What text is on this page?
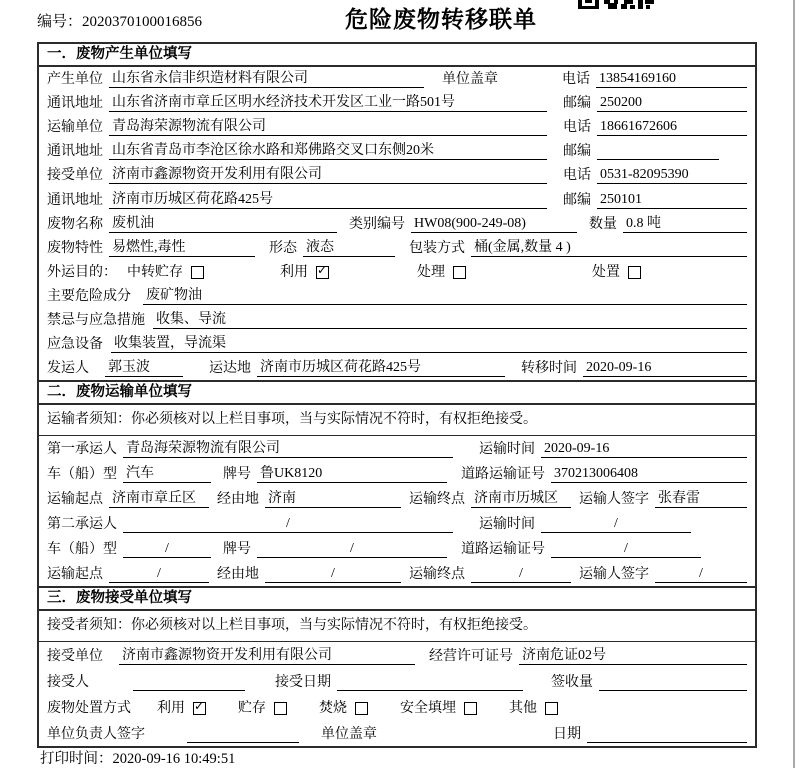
编号：2020370100016856	危险废物转移联单
一．废物产生单位填写
产生单位 山东省永信非织造材料有限公司	单位盖章	电话 13854169160
通讯地址 山东省济南市章丘区明水经济技术开发区工业一路501号	邮编 250200
运输单位 青岛海荣源物流有限公司	电话 18661672606
通讯地址 山东省青岛市李沧区徐水路和郑佛路交叉口东侧20米	邮编
接受单位 济南市鑫源物资开发利用有限公司	电话 0531-82095390
通讯地址 济南市历城区荷花路425号	邮编 250101
废物名称 废机油	类别编号 HW08(900-249-08)	数量 0.8 吨
废物特性 易燃性,毒性	形态 液态	包装方式 桶(金属,数量 4 )
外运目的： 中转贮存	利用 ✓	处理	处置
主要危险成分 废矿物油
禁忌与应急措施 收集、导流
应急设备 收集装置，导流渠
发运人 郭玉波	运达地 济南市历城区荷花路425号	转移时间 2020-09-16
二．废物运输单位填写
运输者须知：你必须核对以上栏目事项，当与实际情况不符时，有权拒绝接受。
第一承运人 青岛海荣源物流有限公司	运输时间 2020-09-16
车（船）型 汽车	牌号 鲁UK8120	道路运输证号 370213006408
运输起点 济南市章丘区	经由地 济南	运输终点 济南市历城区	运输人签字 张春雷
第二承运人	/	运输时间	/
车（船）型	/	牌号	/	道路运输证号	/
运输起点	/	经由地	/	运输终点	/	运输人签字	/
三．废物接受单位填写
接受者须知：你必须核对以上栏目事项，当与实际情况不符时，有权拒绝接受。
接受单位 济南市鑫源物资开发利用有限公司	经营许可证号 济南危证02号
接受人	接受日期	签收量
废物处置方式 利用 ✓	贮存	焚烧	安全填埋	其他
单位负责人签字	单位盖章	日期
打印时间：2020-09-16 10:49:51
